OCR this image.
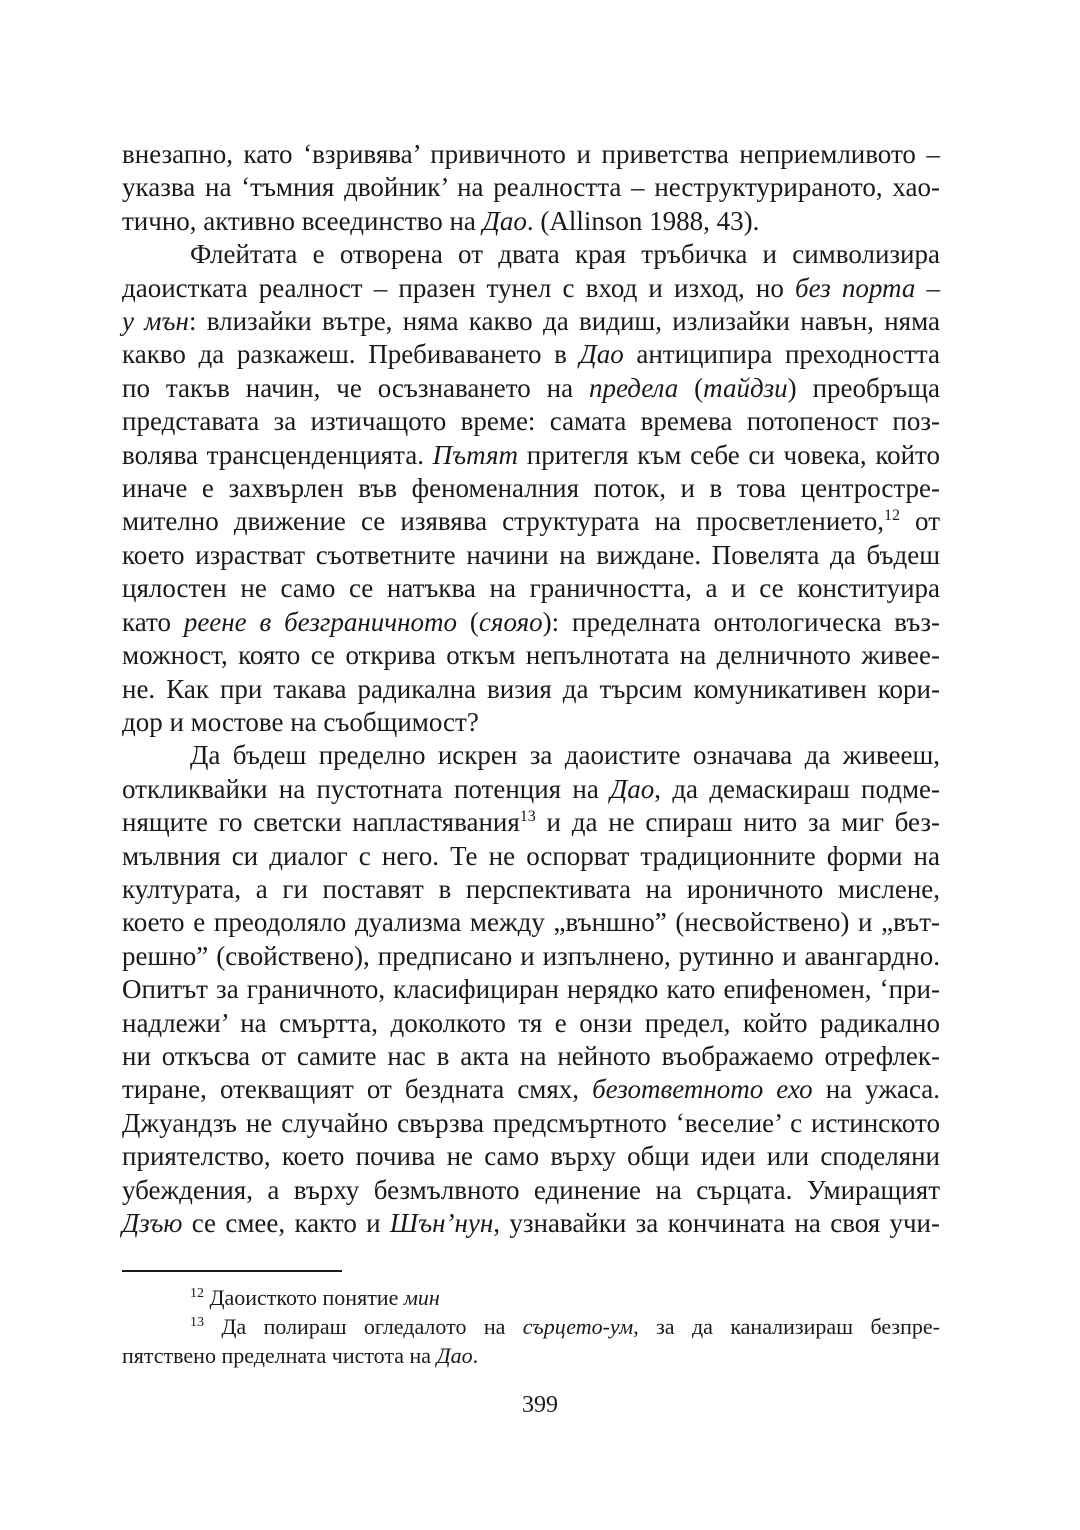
внезапно, като ‘взривява’ привичното и приветства неприемливото –
указва на ‘тъмния двойник’ на реалността – неструктурираното, хао-
тично, активно всеединство на Дао. (Allinson 1988, 43).

Флейтата е отворена от двата края тръбичка и символизира
даоистката реалност – празен тунел с вход и изход, но без порта –
у мън: влизайки вътре, няма какво да видиш, излизайки навън, няма
какво да разкажеш. Пребиваването в Дао антиципира преходността
по такъв начин, че осъзнаването на предела (тайдзи) преобръща
представата за изтичащото време: самата времева потопеност поз-
волява трансценденцията. Пътят притегля към себе си човека, който
иначе е захвърлен във феноменалния поток, и в това центростре-
мително движение се изявява структурата на просветлението,$^{12}$ от
което израстват съответните начини на виждане. Повелята да бъдеш
цялостен не само се натъква на граничността, а и се конституира
като реене в безграничното (сяояо): пределната онтологическа въз-
можност, която се открива откъм непълнотата на делничното живее-
не. Как при такава радикална визия да търсим комуникативен кори-
дор и мостове на съобщимост?

Да бъдеш пределно искрен за даоистите означава да живееш,
откликвайки на пустотната потенция на Дао, да демаскираш подме-
нящите го светски напластявания$^{13}$ и да не спираш нито за миг без-
мълвния си диалог с него. Те не оспорват традиционните форми на
културата, а ги поставят в перспективата на ироничното мислене,
което е преодоляло дуализма между „външно” (несвойствено) и „вът-
решно” (свойствено), предписано и изпълнено, рутинно и авангардно.
Опитът за граничното, класифициран нерядко като епифеномен, ‘при-
надлежи’ на смъртта, доколкото тя е онзи предел, който радикално
ни откъсва от самите нас в акта на нейното въображаемо отрефлек-
тиране, отекващият от бездната смях, безответното ехо на ужаса.
Джуандзъ не случайно свързва предсмъртното ‘веселие’ с истинското
приятелство, което почива не само върху общи идеи или споделяни
убеждения, а върху безмълвното единение на сърцата. Умиращият
Дзъю се смее, както и Шън’нун, узнавайки за кончината на своя учи-

$^{12}$ Даоисткото понятие мин
$^{13}$ Да полираш огледалото на сърцето-ум, за да канализираш безпре-
пятствено пределната чистота на Дао.
399
